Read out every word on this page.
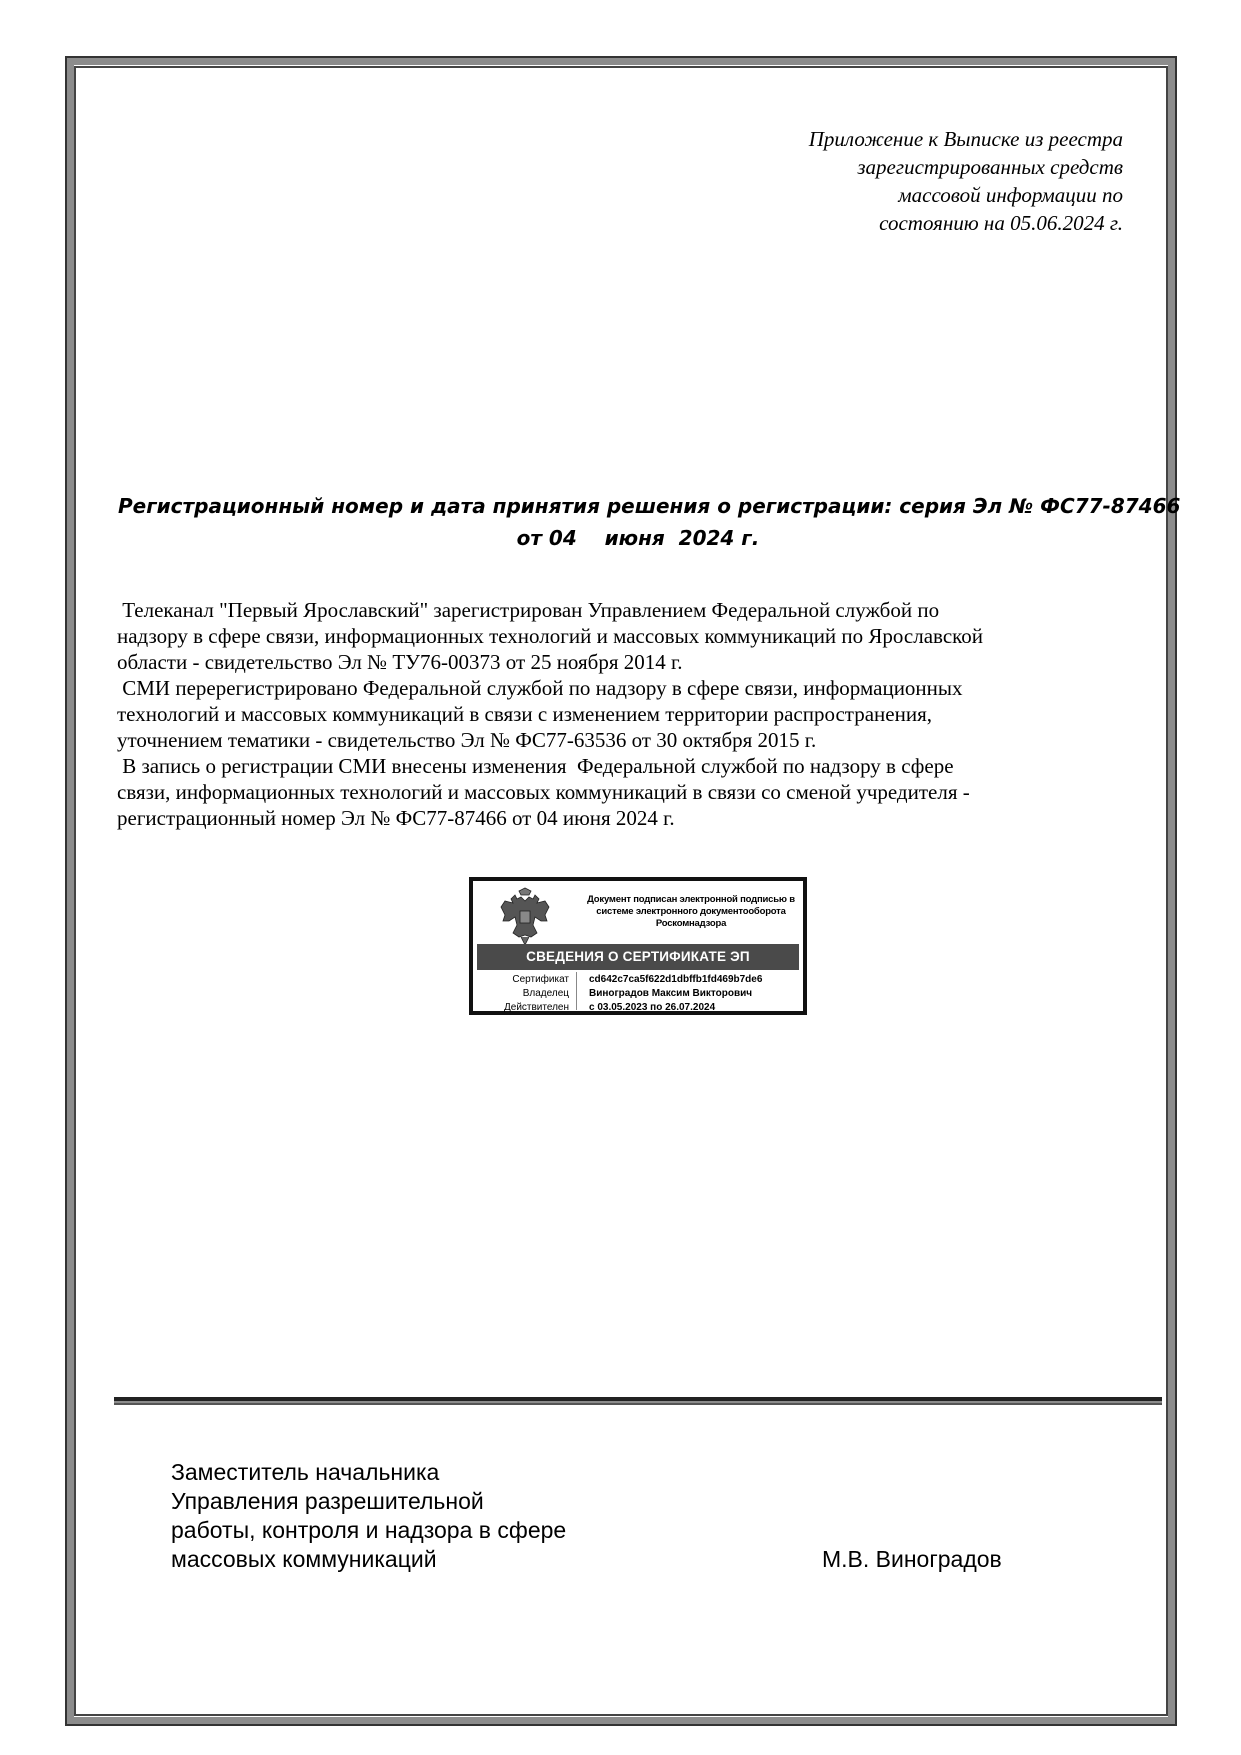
Приложение к Выписке из реестра
зарегистрированных средств
массовой информации по
состоянию на 05.06.2024 г.
Регистрационный номер и дата принятия решения о регистрации: серия Эл № ФС77-87466
от 04    июня  2024 г.
Телеканал "Первый Ярославский" зарегистрирован Управлением Федеральной службой по
надзору в сфере связи, информационных технологий и массовых коммуникаций по Ярославской
области - свидетельство Эл № ТУ76-00373 от 25 ноября 2014 г.
СМИ перерегистрировано Федеральной службой по надзору в сфере связи, информационных
технологий и массовых коммуникаций в связи с изменением территории распространения,
уточнением тематики - свидетельство Эл № ФС77-63536 от 30 октября 2015 г.
В запись о регистрации СМИ внесены изменения  Федеральной службой по надзору в сфере
связи, информационных технологий и массовых коммуникаций в связи со сменой учредителя -
регистрационный номер Эл № ФС77-87466 от 04 июня 2024 г.
Документ подписан электронной подписью в
системе электронного документооборота
Роскомнадзора
СВЕДЕНИЯ О СЕРТИФИКАТЕ ЭП
Сертификат cd642c7ca5f622d1dbffb1fd469b7de6
Владелец Виноградов Максим Викторович
Действителен с 03.05.2023 по 26.07.2024
Заместитель начальника
Управления разрешительной
работы, контроля и надзора в сфере
массовых коммуникаций	М.В. Виноградов
